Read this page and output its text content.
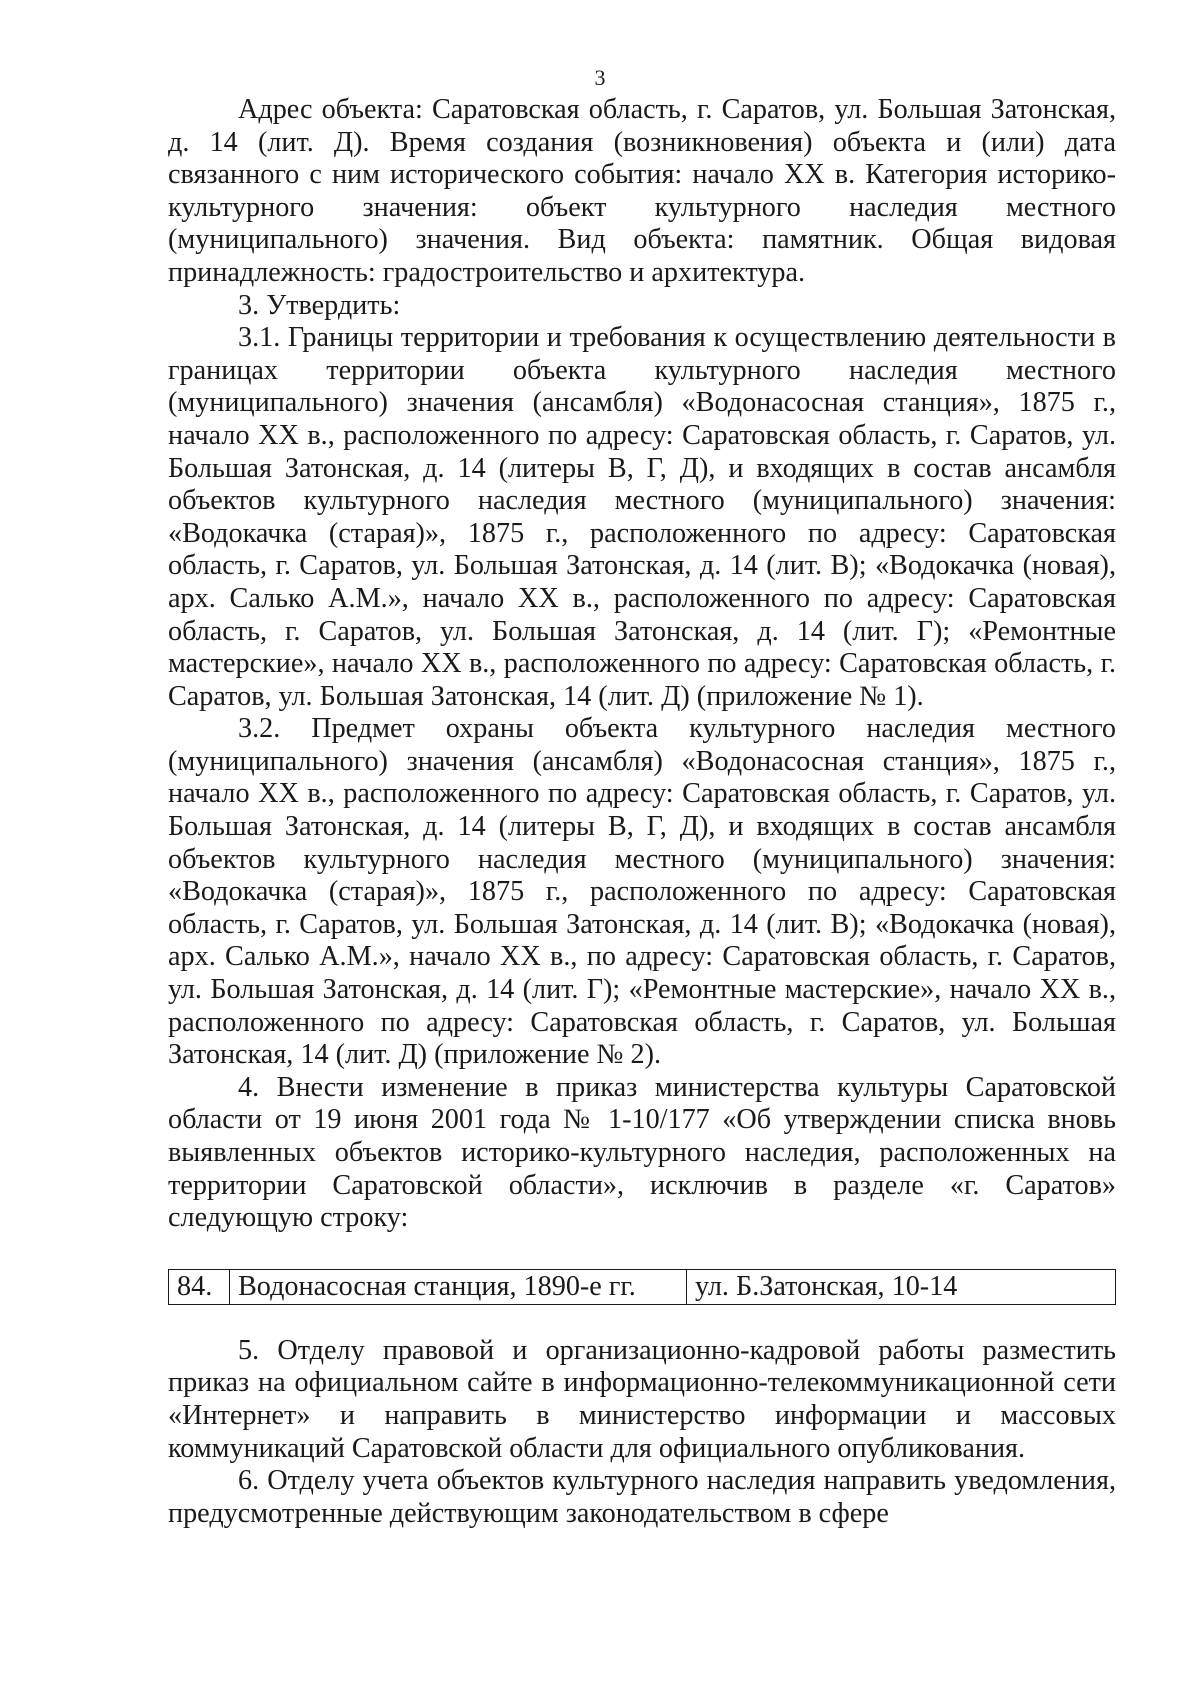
3

Адрес объекта: Саратовская область, г. Саратов, ул. Большая Затонская, д. 14 (лит. Д). Время создания (возникновения) объекта и (или) дата связанного с ним исторического события: начало XX в. Категория историко-культурного значения: объект культурного наследия местного (муниципального) значения. Вид объекта: памятник. Общая видовая принадлежность: градостроительство и архитектура.

3. Утвердить:

3.1. Границы территории и требования к осуществлению деятельности в границах территории объекта культурного наследия местного (муниципального) значения (ансамбля) «Водонасосная станция», 1875 г., начало XX в., расположенного по адресу: Саратовская область, г. Саратов, ул. Большая Затонская, д. 14 (литеры В, Г, Д), и входящих в состав ансамбля объектов культурного наследия местного (муниципального) значения: «Водокачка (старая)», 1875 г., расположенного по адресу: Саратовская область, г. Саратов, ул. Большая Затонская, д. 14 (лит. В); «Водокачка (новая), арх. Салько А.М.», начало XX в., расположенного по адресу: Саратовская область, г. Саратов, ул. Большая Затонская, д. 14 (лит. Г); «Ремонтные мастерские», начало XX в., расположенного по адресу: Саратовская область, г. Саратов, ул. Большая Затонская, 14 (лит. Д) (приложение № 1).

3.2. Предмет охраны объекта культурного наследия местного (муниципального) значения (ансамбля) «Водонасосная станция», 1875 г., начало XX в., расположенного по адресу: Саратовская область, г. Саратов, ул. Большая Затонская, д. 14 (литеры В, Г, Д), и входящих в состав ансамбля объектов культурного наследия местного (муниципального) значения: «Водокачка (старая)», 1875 г., расположенного по адресу: Саратовская область, г. Саратов, ул. Большая Затонская, д. 14 (лит. В); «Водокачка (новая), арх. Салько А.М.», начало XX в., по адресу: Саратовская область, г. Саратов, ул. Большая Затонская, д. 14 (лит. Г); «Ремонтные мастерские», начало XX в., расположенного по адресу: Саратовская область, г. Саратов, ул. Большая Затонская, 14 (лит. Д) (приложение № 2).

4. Внести изменение в приказ министерства культуры Саратовской области от 19 июня 2001 года № 1-10/177 «Об утверждении списка вновь выявленных объектов историко-культурного наследия, расположенных на территории Саратовской области», исключив в разделе «г. Саратов» следующую строку:

84.	Водонасосная станция, 1890-е гг.	ул. Б.Затонская, 10-14

5. Отделу правовой и организационно-кадровой работы разместить приказ на официальном сайте в информационно-телекоммуникационной сети «Интернет» и направить в министерство информации и массовых коммуникаций Саратовской области для официального опубликования.

6. Отделу учета объектов культурного наследия направить уведомления, предусмотренные действующим законодательством в сфере
